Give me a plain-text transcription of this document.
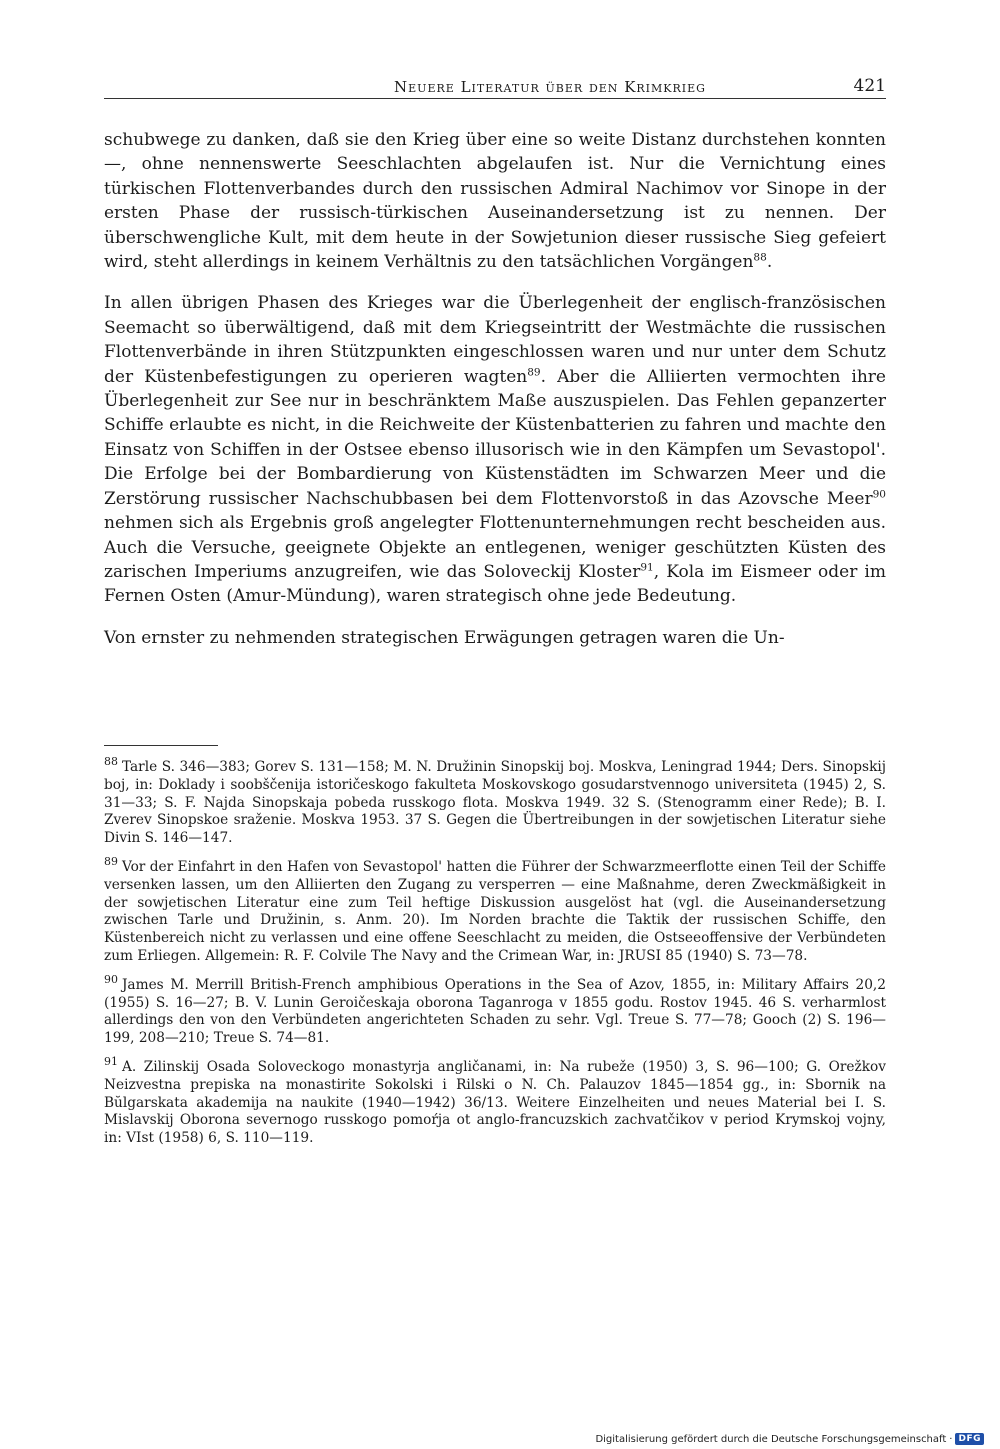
Neuere Literatur über den Krimkrieg	421

schubwege zu danken, daß sie den Krieg über eine so weite Distanz durchstehen konnten —, ohne nennenswerte Seeschlachten abgelaufen ist. Nur die Vernichtung eines türkischen Flottenverbandes durch den russischen Admiral Nachimov vor Sinope in der ersten Phase der russisch-türkischen Auseinandersetzung ist zu nennen. Der überschwengliche Kult, mit dem heute in der Sowjetunion dieser russische Sieg gefeiert wird, steht allerdings in keinem Verhältnis zu den tatsächlichen Vorgängen$^{88}$.

In allen übrigen Phasen des Krieges war die Überlegenheit der englisch-französischen Seemacht so überwältigend, daß mit dem Kriegseintritt der Westmächte die russischen Flottenverbände in ihren Stützpunkten eingeschlossen waren und nur unter dem Schutz der Küstenbefestigungen zu operieren wagten$^{89}$. Aber die Alliierten vermochten ihre Überlegenheit zur See nur in beschränktem Maße auszuspielen. Das Fehlen gepanzerter Schiffe erlaubte es nicht, in die Reichweite der Küstenbatterien zu fahren und machte den Einsatz von Schiffen in der Ostsee ebenso illusorisch wie in den Kämpfen um Sevastopol'. Die Erfolge bei der Bombardierung von Küstenstädten im Schwarzen Meer und die Zerstörung russischer Nachschubbasen bei dem Flottenvorstoß in das Azovsche Meer$^{90}$ nehmen sich als Ergebnis groß angelegter Flottenunternehmungen recht bescheiden aus. Auch die Versuche, geeignete Objekte an entlegenen, weniger geschützten Küsten des zarischen Imperiums anzugreifen, wie das Soloveckij Kloster$^{91}$, Kola im Eismeer oder im Fernen Osten (Amur-Mündung), waren strategisch ohne jede Bedeutung.

Von ernster zu nehmenden strategischen Erwägungen getragen waren die Un-

$^{88}$ Tarle S. 346—383; Gorev S. 131—158; M. N. Družinin Sinopskij boj. Moskva, Leningrad 1944; Ders. Sinopskij boj, in: Doklady i soobščenija istoričeskogo fakulteta Moskovskogo gosudarstvennogo universiteta (1945) 2, S. 31—33; S. F. Najda Sinopskaja pobeda russkogo flota. Moskva 1949. 32 S. (Stenogramm einer Rede); B. I. Zverev Sinopskoe sraženie. Moskva 1953. 37 S. Gegen die Übertreibungen in der sowjetischen Literatur siehe Divin S. 146—147.

$^{89}$ Vor der Einfahrt in den Hafen von Sevastopol' hatten die Führer der Schwarzmeerflotte einen Teil der Schiffe versenken lassen, um den Alliierten den Zugang zu versperren — eine Maßnahme, deren Zweckmäßigkeit in der sowjetischen Literatur eine zum Teil heftige Diskussion ausgelöst hat (vgl. die Auseinandersetzung zwischen Tarle und Družinin, s. Anm. 20). Im Norden brachte die Taktik der russischen Schiffe, den Küstenbereich nicht zu verlassen und eine offene Seeschlacht zu meiden, die Ostseeoffensive der Verbündeten zum Erliegen. Allgemein: R. F. Colvile The Navy and the Crimean War, in: JRUSI 85 (1940) S. 73—78.

$^{90}$ James M. Merrill British-French amphibious Operations in the Sea of Azov, 1855, in: Military Affairs 20,2 (1955) S. 16—27; B. V. Lunin Geroičeskaja oborona Taganroga v 1855 godu. Rostov 1945. 46 S. verharmlost allerdings den von den Verbündeten angerichteten Schaden zu sehr. Vgl. Treue S. 77—78; Gooch (2) S. 196—199, 208—210; Treue S. 74—81.

$^{91}$ A. Zilinskij Osada Soloveckogo monastyrja angličanami, in: Na rubeže (1950) 3, S. 96—100; G. Orežkov Neizvestna prepiska na monastirite Sokolski i Rilski o N. Ch. Palauzov 1845—1854 gg., in: Sbornik na Bŭlgarskata akademija na naukite (1940—1942) 36/13. Weitere Einzelheiten und neues Material bei I. S. Mislavskij Oborona severnogo russkogo pomoŕja ot anglo-francuzskich zachvatčikov v period Krymskoj vojny, in: VIst (1958) 6, S. 110—119.

Digitalisierung gefördert durch die Deutsche Forschungsgemeinschaft · DFG
